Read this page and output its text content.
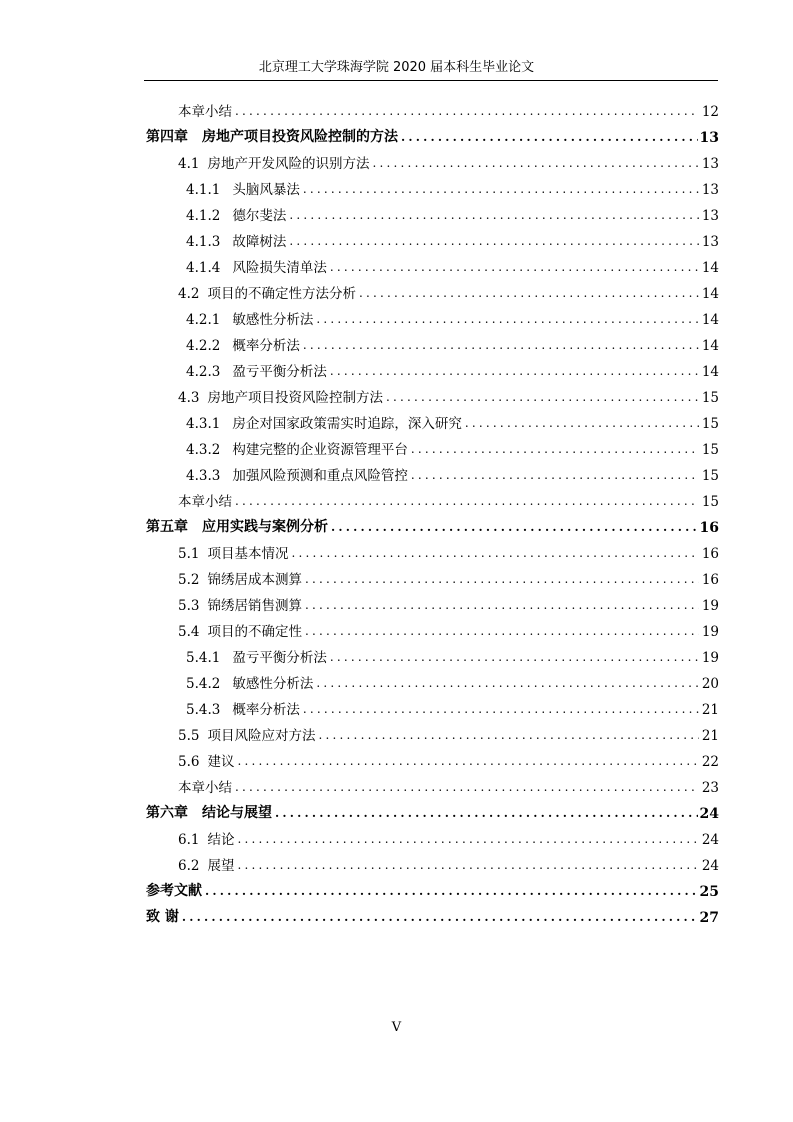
北京理工大学珠海学院 2020 届本科生毕业论文
本章小结 .....	12
第四章 房地产项目投资风险控制的方法 .....	13
4.1 房地产开发风险的识别方法 .....	13
4.1.1 头脑风暴法 .....	13
4.1.2 德尔斐法 .....	13
4.1.3 故障树法 .....	13
4.1.4 风险损失清单法 .....	14
4.2 项目的不确定性方法分析 .....	14
4.2.1 敏感性分析法 .....	14
4.2.2 概率分析法 .....	14
4.2.3 盈亏平衡分析法 .....	14
4.3 房地产项目投资风险控制方法 .....	15
4.3.1 房企对国家政策需实时追踪，深入研究 .....	15
4.3.2 构建完整的企业资源管理平台 .....	15
4.3.3 加强风险预测和重点风险管控 .....	15
本章小结 .....	15
第五章 应用实践与案例分析 .....	16
5.1 项目基本情况 .....	16
5.2 锦绣居成本测算 .....	16
5.3 锦绣居销售测算 .....	19
5.4 项目的不确定性 .....	19
5.4.1 盈亏平衡分析法 .....	19
5.4.2 敏感性分析法 .....	20
5.4.3 概率分析法 .....	21
5.5 项目风险应对方法 .....	21
5.6 建议 .....	22
本章小结 .....	23
第六章 结论与展望 .....	24
6.1 结论 .....	24
6.2 展望 .....	24
参考文献 .....	25
致 谢 .....	27
V
